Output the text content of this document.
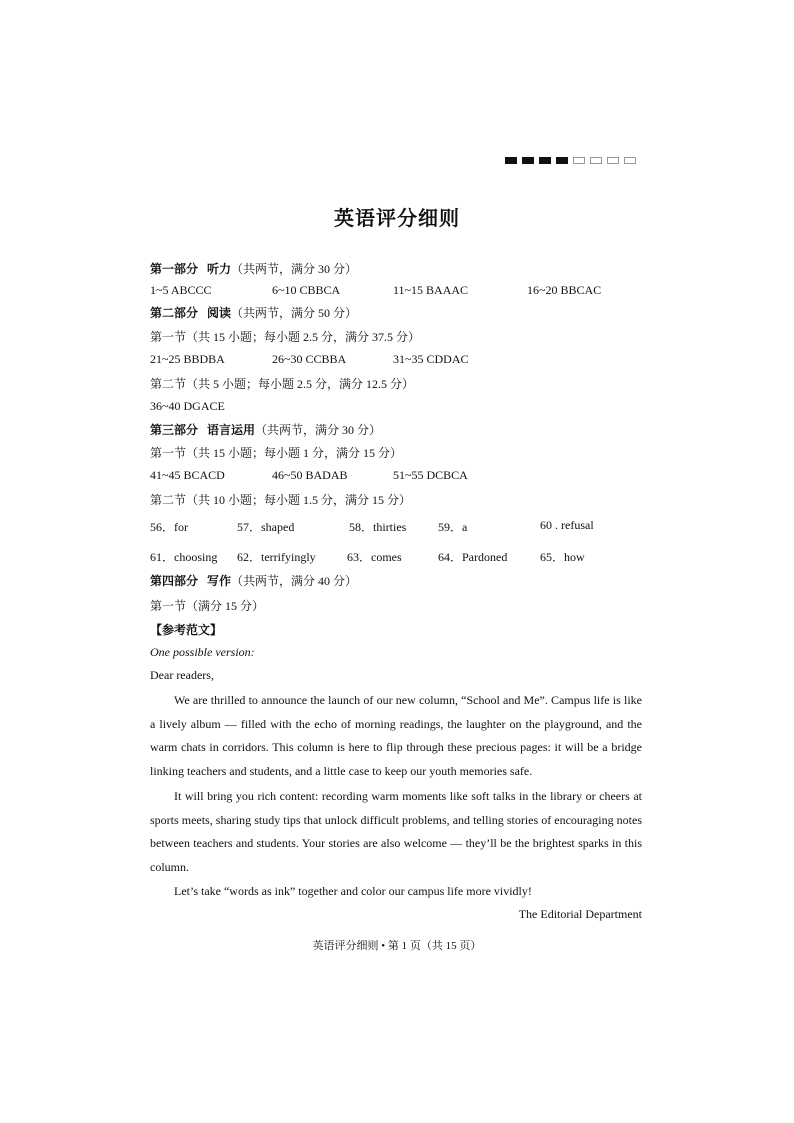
英语评分细则
第一部分 听力（共两节，满分 30 分）
1~5 ABCCC	6~10 CBBCA	11~15 BAAAC	16~20 BBCAC
第二部分 阅读（共两节，满分 50 分）
第一节（共 15 小题；每小题 2.5 分，满分 37.5 分）
21~25 BBDBA	26~30 CCBBA	31~35 CDDAC
第二节（共 5 小题；每小题 2.5 分，满分 12.5 分）
36~40 DGACE
第三部分 语言运用（共两节，满分 30 分）
第一节（共 15 小题；每小题 1 分，满分 15 分）
41~45 BCACD	46~50 BADAB	51~55 DCBCA
第二节（共 10 小题；每小题 1.5 分，满分 15 分）
56．for	57．shaped	58．thirties	59．a	60 . refusal
61．choosing 62．terrifyingly	63．comes	64．Pardoned	65．how
第四部分 写作（共两节，满分 40 分）
第一节（满分 15 分）
【参考范文】
One possible version:
Dear readers,

We are thrilled to announce the launch of our new column, “School and Me”. Campus life is like a lively album — filled with the echo of morning readings, the laughter on the playground, and the warm chats in corridors. This column is here to flip through these precious pages: it will be a bridge linking teachers and students, and a little case to keep our youth memories safe.

It will bring you rich content: recording warm moments like soft talks in the library or cheers at sports meets, sharing study tips that unlock difficult problems, and telling stories of encouraging notes between teachers and students. Your stories are also welcome — they’ll be the brightest sparks in this column.

Let’s take “words as ink” together and color our campus life more vividly!

The Editorial Department
英语评分细则 • 第 1 页（共 15 页）
